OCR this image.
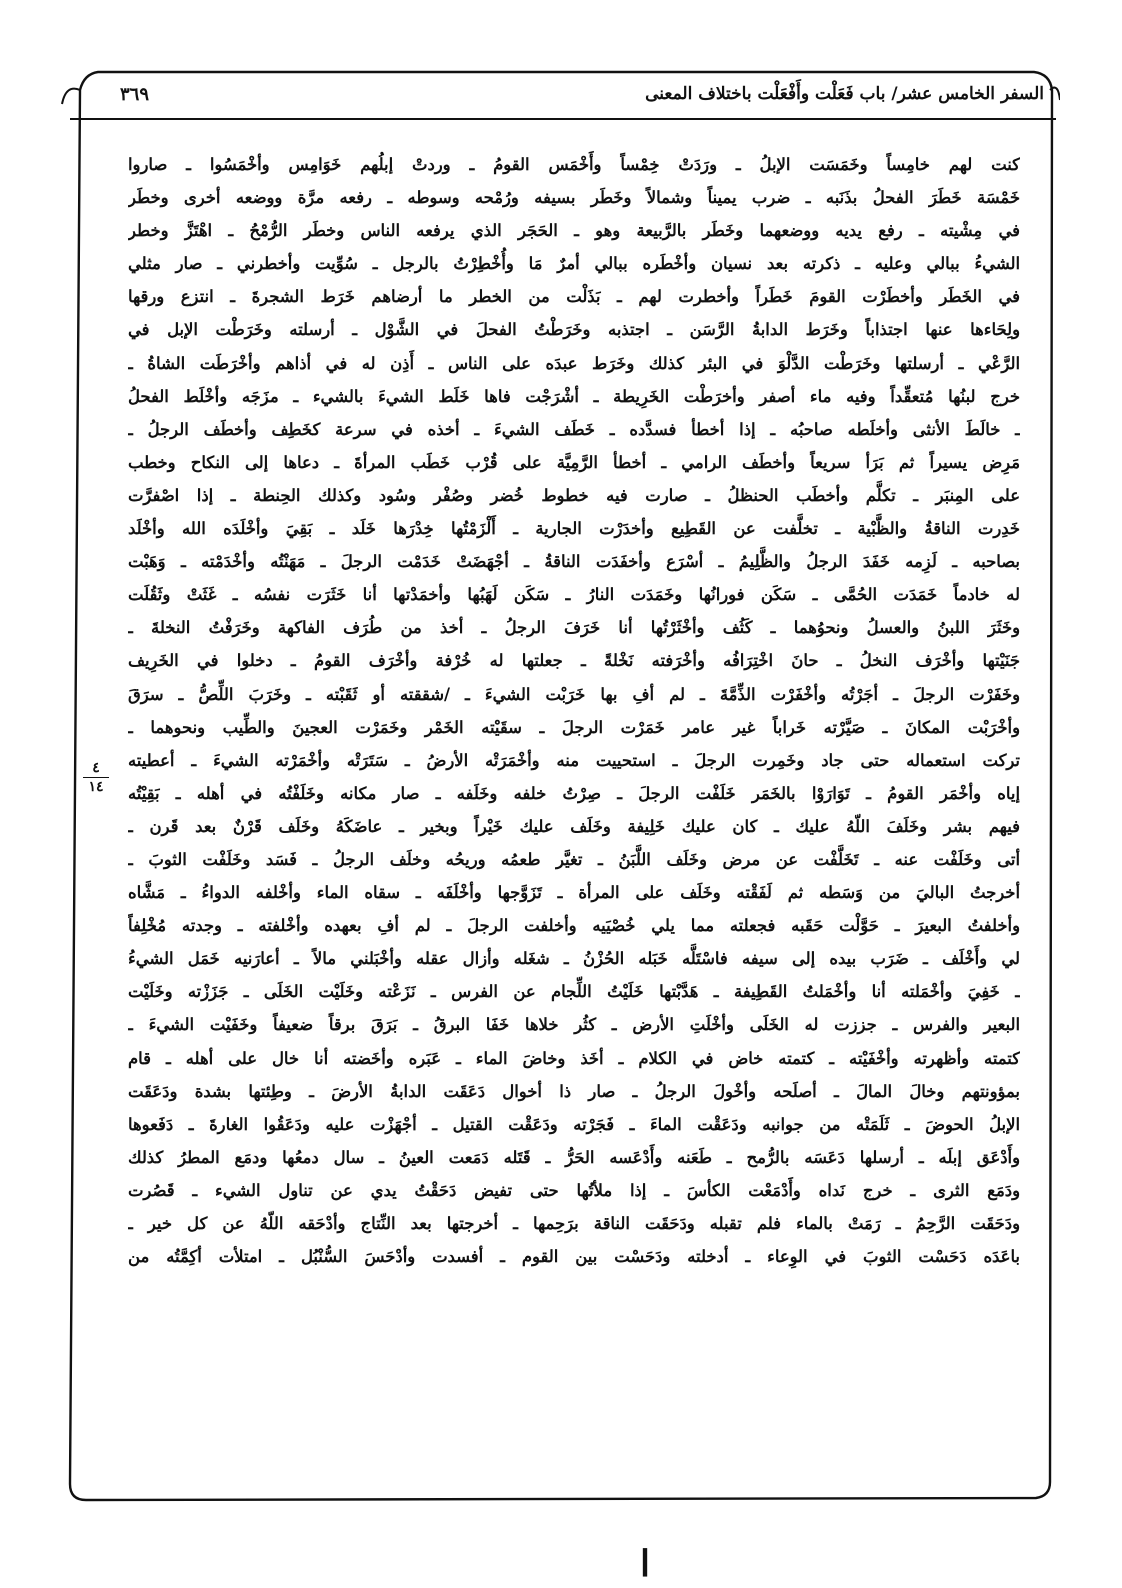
السفر الخامس عشر/ باب فَعَلْت وأَفْعَلْت باختلاف المعنى
٣٦٩
٤
١٤
كنت لهم خامِساً وخَمَسَت الإبلُ ـ ورَدَتْ خِمْساً وأَخْمَس القومُ ـ وردتْ إبلُهم خَوَامِس وأخْمَسُوا ـ صاروا
خَمْسَة خَطَرَ الفحلُ بذَنَبه ـ ضرب يميناً وشمالاً وخَطَر بسيفه ورُمْحه وسوطه ـ رفعه مرَّة ووضعه أخرى وخطَر
في مِشْيته ـ رفع يديه ووضعهما وخَطَر بالرَّبيعة وهو ـ الحَجَر الذي يرفعه الناس وخطَر الرُّمْحُ ـ اهْتَزَّ وخطر
الشيءُ ببالي وعليه ـ ذكرته بعد نسيان وأخْطَره ببالي أمرٌ مَا وأُخْطِرْتُ بالرجل ـ سُوِّيت وأخطرني ـ صار مثلي
في الخَطَر وأخطَرْت القومَ خَطَراً وأخطرت لهم ـ بَذَلْت من الخطر ما أرضاهم خَرَط الشجرةَ ـ انتزع ورقها
ولِحَاءها عنها اجتذاباً وخَرَط الدابةُ الرَّسَن ـ اجتذبه وخَرَطْتُ الفحلَ في الشَّوْل ـ أرسلته وخَرَطْت الإبل في
الرَّعْي ـ أرسلتها وخَرَطْت الدَّلْوَ في البئر كذلك وخَرَط عبدَه على الناس ـ أَذِن له في أذاهم وأخْرَطَت الشاةُ ـ
خرج لبنُها مُتعقِّداً وفيه ماء أصفر وأخرَطْت الخَرِيطة ـ أشْرَجْت فاها خَلَط الشيءَ بالشيء ـ مزَجَه وأخْلَط الفحلُ
ـ خالَطَ الأنثى وأخلَطه صاحبُه ـ إذا أخطأ فسدَّده ـ خَطَف الشيءَ ـ أخذه في سرعة كخَطِف وأخطَف الرجلُ ـ
مَرِض يسيراً ثم بَرَأ سريعاً وأخطَف الرامي ـ أخطأ الرَّمِيَّة على قُرْب خَطَب المرأةَ ـ دعاها إلى النكاح وخطب
على المِنبَر ـ تكلَّم وأخطَب الحنظلُ ـ صارت فيه خطوط خُضر وصُفْر وسُود وكذلك الحِنطة ـ إذا اصْفرَّت
خَدِرت الناقةُ والظَّبْية ـ تخلَّفت عن القَطِيع وأخدَرْت الجارية ـ أَلْزَمْتُها خِدْرَها خَلَد ـ بَقِيَ وأخْلَدَه الله وأخْلَد
بصاحبه ـ لَزِمه خَفَدَ الرجلُ والظَّلِيمُ ـ أسْرَع وأخفَدَت الناقةُ ـ أجْهَضَتْ خَدَمْت الرجلَ ـ مَهَنْتُه وأخْدَمْته ـ وَهَبْت
له خادماً خَمَدَت الحُمَّى ـ سَكَن فورانُها وخَمَدَت النارُ ـ سَكَن لَهَبُها وأخمَدْتها أنا خَثَرَت نفسُه ـ غَثَتْ وثَقُلَت
وخَثَرَ اللبنُ والعسلُ ونحوُهما ـ كَثُف وأخْثَرْتُها أنا خَرَفَ الرجلُ ـ أخذ من طُرَف الفاكهة وخَرَفْتُ النخلةَ ـ
جَنَيْتها وأخْرَف النخلُ ـ حانَ اخْتِرَافُه وأخْرَفته نَخْلةً ـ جعلتها له خُرْفة وأخْرَف القومُ ـ دخلوا في الخَرِيف
وخَفَرْت الرجلَ ـ أجَرْتُه وأخْفَرْت الذِّمَّةَ ـ لم أفِ بها خَرَبْت الشيءَ ـ /شققته أو ثَقَبْته ـ وخَرَبَ اللِّصُّ ـ سرَقَ
وأخْرَبْت المكانَ ـ صَيَّرْته خَراباً غير عامر خَمَرْت الرجلَ ـ سقَيْته الخَمْر وخَمَرْت العجينَ والطِّيب ونحوهما ـ
تركت استعماله حتى جاد وخَمِرت الرجلَ ـ استحييت منه وأخْمَرَتْه الأرضُ ـ سَتَرَتْه وأخْمَرْته الشيءَ ـ أعطيته
إياه وأخْمَر القومُ ـ تَوَارَوْا بالخَمَر خَلَفْت الرجلَ ـ صِرْتُ خلفه وخَلَفه ـ صار مكانه وخَلَفْتُه في أهله ـ بَقِيْتُه
فيهم بشر وخَلَفَ اللّهُ عليك ـ كان عليك خَلِيفة وخَلَف عليك خَيْراً وبخير ـ عاضَكَهُ وخَلَف قَرْنٌ بعد قَرن ـ
أتى وخَلَفْت عنه ـ تَخَلَّفْت عن مرض وخَلَف اللَّبَنُ ـ تغيَّر طعمُه وريحُه وخلَف الرجلُ ـ فَسَد وخَلَفْت الثوبَ ـ
أخرجتُ الباليَ من وَسَطه ثم لَفَقْته وخَلَف على المرأة ـ تَزَوَّجها وأخْلَفَه ـ سقاه الماء وأخْلفه الدواءُ ـ مَشَّاه
وأخلفتُ البعيرَ ـ حَوَّلْت حَقَبه فجعلته مما يلي خُصْيَيه وأخلفت الرجلَ ـ لم أفِ بعهده وأخْلفته ـ وجدته مُخْلِفاً
لي وأَخْلَف ـ ضَرَب بيده إلى سيفه فاسْتَلَّه خَبَله الحُزْنُ ـ شغَله وأزال عقله وأخْبَلني مالاً ـ أعارَنيه خَمَل الشيءُ
ـ خَفِيَ وأخْمَلته أنا وأخْمَلتُ القَطِيفة ـ هَدَّبْتها خَلَيْتُ اللِّجام عن الفرس ـ نَزَعْته وخَلَيْت الخَلَى ـ جَزَزْته وخَلَيْت
البعير والفرس ـ جززت له الخَلَى وأخْلَتِ الأرض ـ كثُر خلاها خَفَا البرقُ ـ بَرَقَ برقاً ضعيفاً وخَفَيْت الشيءَ ـ
كتمته وأظهرته وأخْفَيْته ـ كتمته خاض في الكلام ـ أخَذ وخاضَ الماء ـ عَبَره وأخَضته أنا خال على أهله ـ قام
بمؤونتهم وخالَ المالَ ـ أصلَحه وأخْولَ الرجلُ ـ صار ذا أخوال دَعَقَت الدابةُ الأرضَ ـ وطِئتها بشدة ودَعَقَت
الإبلُ الحوضَ ـ ثَلَمَتْه من جوانبه ودَعَقْت الماءَ ـ فَجَرْته ودَعَقْت القتيل ـ أجْهَزْت عليه ودَعَقُوا الغارةَ ـ دَفَعوها
وأَدْعَق إبلَه ـ أرسلها دَعَسَه بالرُّمح ـ طَعَنه وأَدْعَسه الحَرُّ ـ قَتَله دَمَعت العينُ ـ سال دمعُها ودمَع المطرُ كذلك
ودَمَع الثرى ـ خرج نَداه وأَدْمَعْت الكأسَ ـ إذا ملأتُها حتى تفيض دَحَقْتُ يدي عن تناول الشيء ـ قَصُرت
ودَحَقَت الرَّحِمُ ـ رَمَتْ بالماء فلم تقبله ودَحَقَت الناقة برَحِمها ـ أخرجتها بعد النِّتاج وأدْحَقه اللّهُ عن كل خير ـ
باعَدَه دَحَسْت الثوبَ في الوِعاء ـ أدخلته ودَحَسْت بين القوم ـ أفسدت وأدْحَسَ السُّنْبُل ـ امتلأت أكِمَّتُه من
ا
